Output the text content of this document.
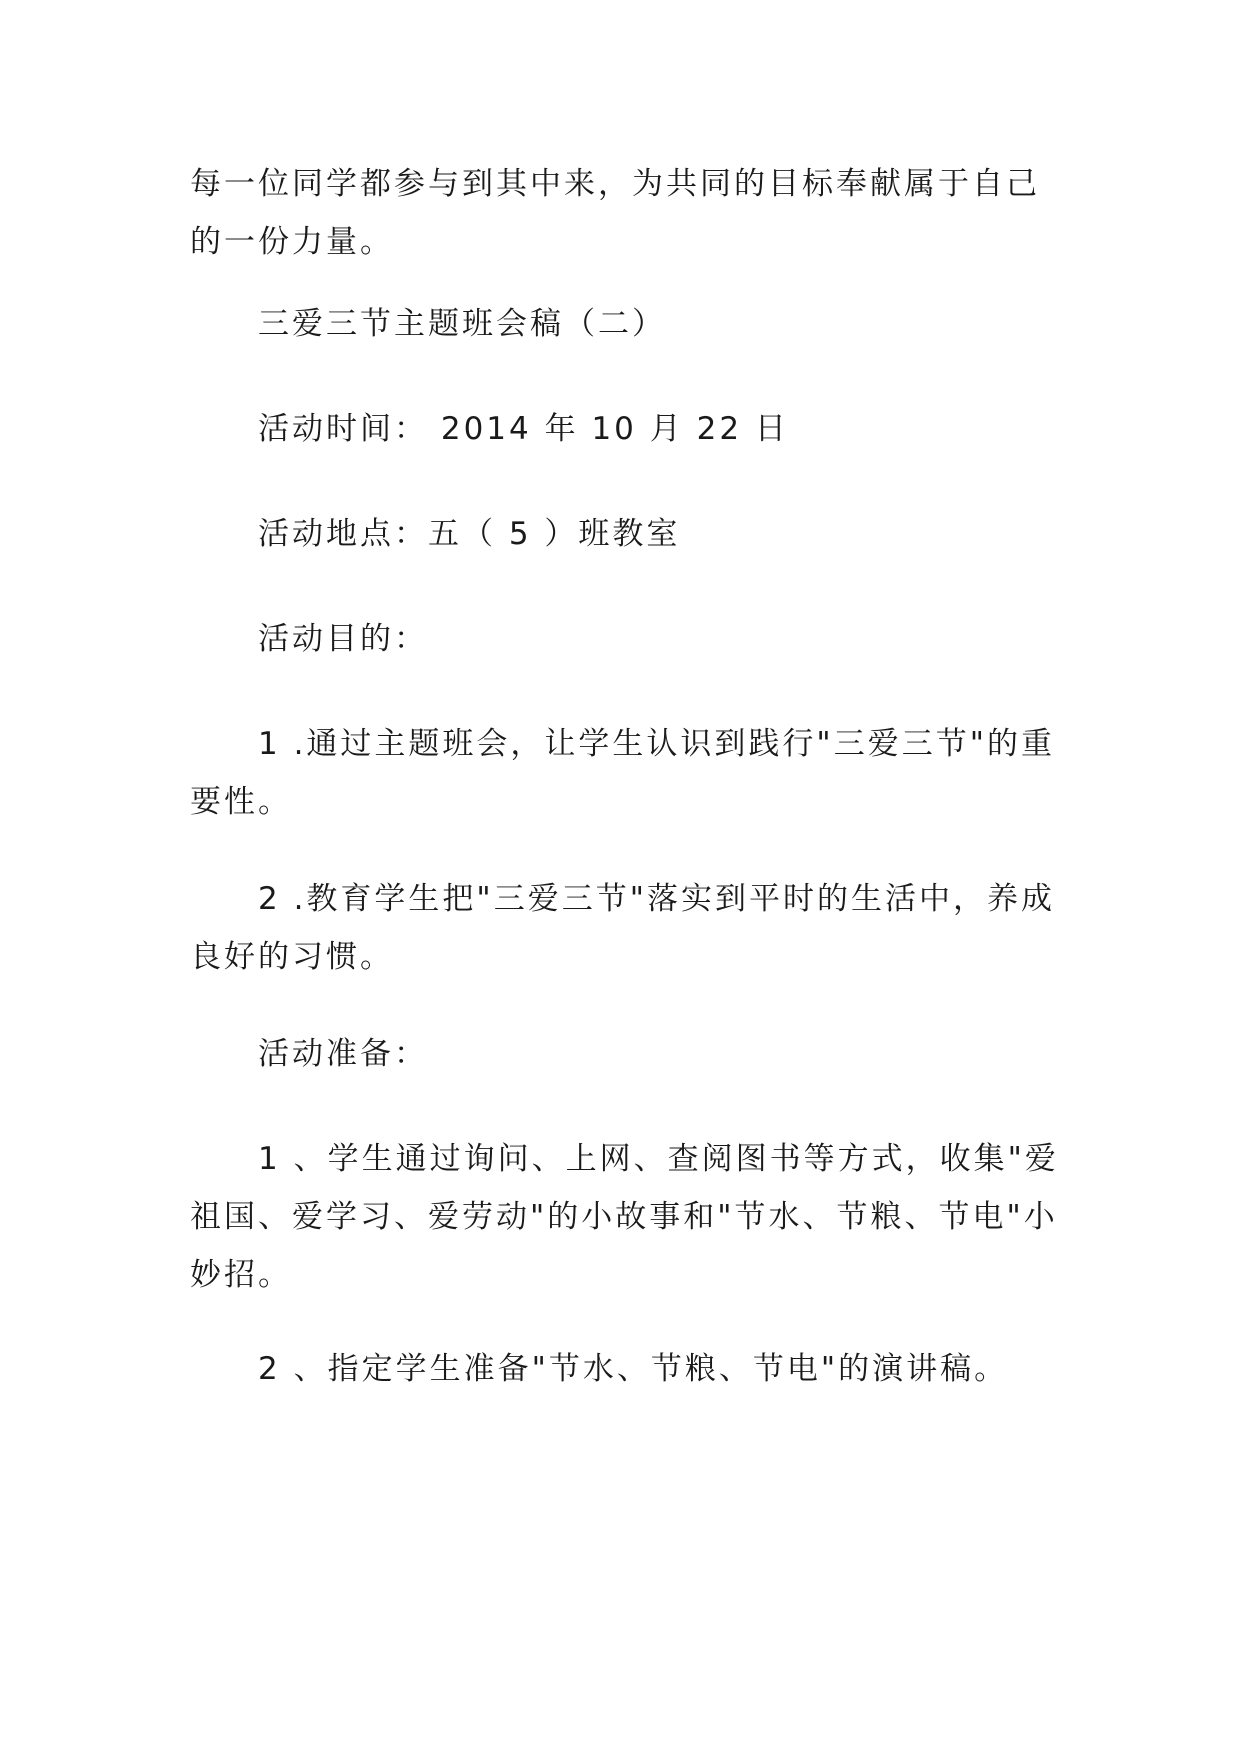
每一位同学都参与到其中来，为共同的目标奉献属于自己的一份力量。

三爱三节主题班会稿（二）

活动时间： 2014 年 10 月 22 日

活动地点：五（ 5 ）班教室

活动目的：

1 .通过主题班会，让学生认识到践行"三爱三节"的重要性。

2 .教育学生把"三爱三节"落实到平时的生活中，养成良好的习惯。

活动准备：

1 、学生通过询问、上网、查阅图书等方式，收集"爱祖国、爱学习、爱劳动"的小故事和"节水、节粮、节电"小妙招。

2 、指定学生准备"节水、节粮、节电"的演讲稿。
